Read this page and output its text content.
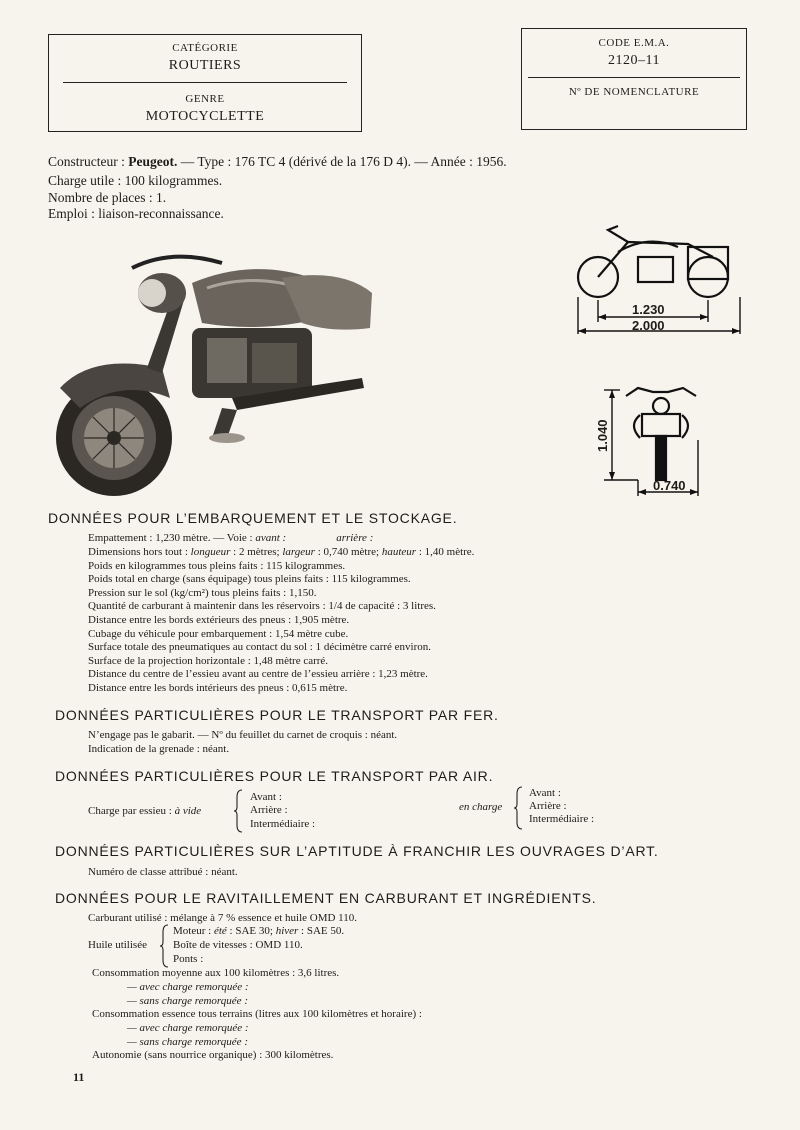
CATÉGORIE
ROUTIERS
GENRE
MOTOCYCLETTE
CODE E.M.A.
2120–11
Nº DE NOMENCLATURE
Constructeur : Peugeot. — Type : 176 TC 4 (dérivé de la 176 D 4). — Année : 1956.
Charge utile : 100 kilogrammes.
Nombre de places : 1.
Emploi : liaison-reconnaissance.
1.230
2.000
1.040
0.740
DONNÉES POUR L’EMBARQUEMENT ET LE STOCKAGE.
Empattement : 1,230 mètre. — Voie : avant :	arrière :
Dimensions hors tout : longueur : 2 mètres; largeur : 0,740 mètre; hauteur : 1,40 mètre.
Poids en kilogrammes tous pleins faits : 115 kilogrammes.
Poids total en charge (sans équipage) tous pleins faits : 115 kilogrammes.
Pression sur le sol (kg/cm²) tous pleins faits : 1,150.
Quantité de carburant à maintenir dans les réservoirs : 1/4 de capacité : 3 litres.
Distance entre les bords extérieurs des pneus : 1,905 mètre.
Cubage du véhicule pour embarquement : 1,54 mètre cube.
Surface totale des pneumatiques au contact du sol : 1 décimètre carré environ.
Surface de la projection horizontale : 1,48 mètre carré.
Distance du centre de l’essieu avant au centre de l’essieu arrière : 1,23 mètre.
Distance entre les bords intérieurs des pneus : 0,615 mètre.
DONNÉES PARTICULIÈRES POUR LE TRANSPORT PAR FER.
N’engage pas le gabarit. — Nº du feuillet du carnet de croquis : néant.
Indication de la grenade : néant.
DONNÉES PARTICULIÈRES POUR LE TRANSPORT PAR AIR.
Charge par essieu : à vide
Avant :
Arrière :
Intermédiaire :
en charge
Avant :
Arrière :
Intermédiaire :
DONNÉES PARTICULIÈRES SUR L’APTITUDE À FRANCHIR LES OUVRAGES D’ART.
Numéro de classe attribué : néant.
DONNÉES POUR LE RAVITAILLEMENT EN CARBURANT ET INGRÉDIENTS.
Carburant utilisé : mélange à 7 % essence et huile OMD 110.
Huile utilisée
Moteur : été : SAE 30; hiver : SAE 50.
Boîte de vitesses : OMD 110.
Ponts :
Consommation moyenne aux 100 kilomètres : 3,6 litres.
— avec charge remorquée :
— sans charge remorquée :
Consommation essence tous terrains (litres aux 100 kilomètres et horaire) :
— avec charge remorquée :
— sans charge remorquée :
Autonomie (sans nourrice organique) : 300 kilomètres.
11
